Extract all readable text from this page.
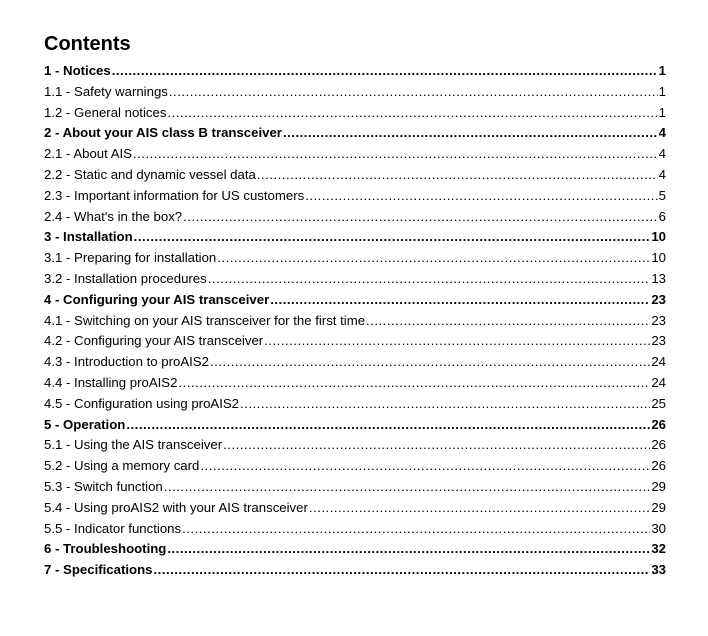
Contents
1 - Notices .....	1
1.1 - Safety warnings .....	1
1.2 - General notices .....	1
2 - About your AIS class B transceiver .....	4
2.1 - About AIS .....	4
2.2 - Static and dynamic vessel data .....	4
2.3 - Important information for US customers .....	5
2.4 - What's in the box? .....	6
3 - Installation .....	10
3.1 - Preparing for installation .....	10
3.2 - Installation procedures .....	13
4 - Configuring your AIS transceiver .....	23
4.1 - Switching on your AIS transceiver for the first time .....	23
4.2 - Configuring your AIS transceiver .....	23
4.3 - Introduction to proAIS2 .....	24
4.4 - Installing proAIS2 .....	24
4.5 - Configuration using proAIS2 .....	25
5 - Operation .....	26
5.1 - Using the AIS transceiver .....	26
5.2 - Using a memory card .....	26
5.3 - Switch function .....	29
5.4 - Using proAIS2 with your AIS transceiver .....	29
5.5 - Indicator functions .....	30
6 - Troubleshooting .....	32
7 - Specifications .....	33
